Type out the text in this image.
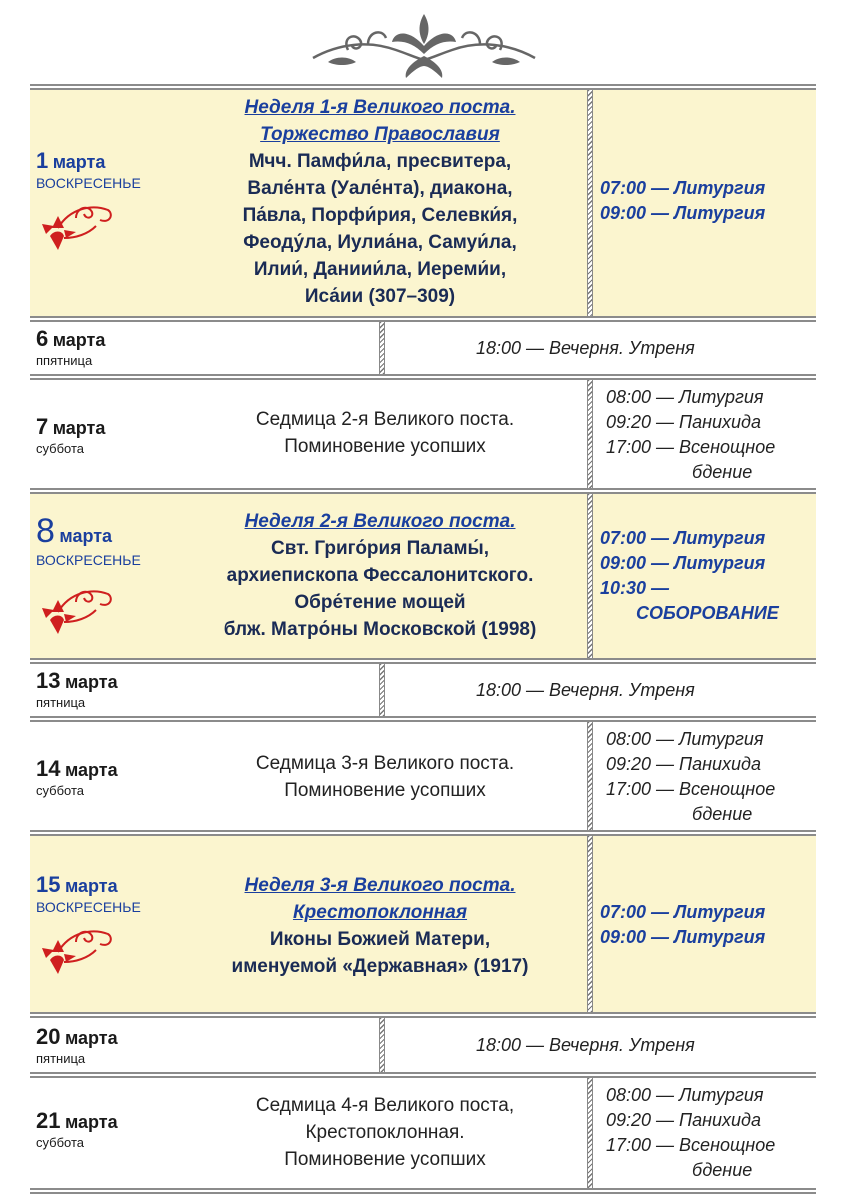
1 марта
ВОСКРЕСЕНЬЕ
Неделя 1-я Великого поста.
Торжество Православия
Мчч. Памфи́ла, пресвитера,
Вале́нта (Уале́нта), диакона,
Па́вла, Порфи́рия, Селевки́я,
Феоду́ла, Иулиа́на, Самуи́ла,
Илии́, Даниии́ла, Иереми́и,
Иса́ии (307–309)
07:00 — Литургия
09:00 — Литургия
6 марта
ппятница
18:00 — Вечерня. Утреня
7 марта
суббота
Седмица 2-я Великого поста.
Поминовение усопших
08:00 — Литургия
09:20 — Панихида
17:00 — Всенощное
бдение
8 марта
ВОСКРЕСЕНЬЕ
Неделя 2-я Великого поста.
Свт. Григо́рия Паламы́,
архиепископа Фессалонитского.
Обре́тение мощей
блж. Матро́ны Московской (1998)
07:00 — Литургия
09:00 — Литургия
10:30 —
СОБОРОВАНИЕ
13 марта
пятница
18:00 — Вечерня. Утреня
14 марта
суббота
Седмица 3-я Великого поста.
Поминовение усопших
08:00 — Литургия
09:20 — Панихида
17:00 — Всенощное
бдение
15 марта
ВОСКРЕСЕНЬЕ
Неделя 3-я Великого поста.
Крестопоклонная
Иконы Божией Матери,
именуемой «Державная» (1917)
07:00 — Литургия
09:00 — Литургия
20 марта
пятница
18:00 — Вечерня. Утреня
21 марта
суббота
Седмица 4-я Великого поста,
Крестопоклонная.
Поминовение усопших
08:00 — Литургия
09:20 — Панихида
17:00 — Всенощное
бдение
